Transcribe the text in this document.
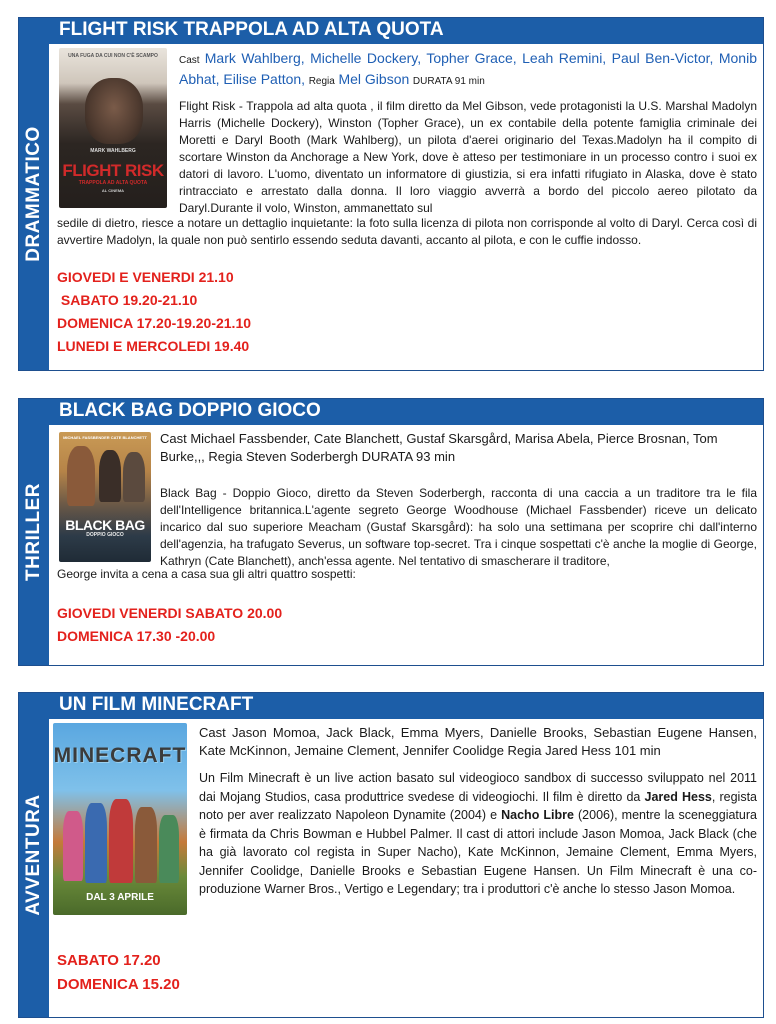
DRAMMATICO
FLIGHT RISK TRAPPOLA AD ALTA QUOTA
UNA FUGA DA CUI NON C'È SCAMPO
MARK WAHLBERG
FLIGHT RISK
TRAPPOLA AD ALTA QUOTA
AL CINEMA
Cast Mark Wahlberg, Michelle Dockery, Topher Grace, Leah Remini, Paul Ben-Victor, Monib Abhat, Eilise Patton, Regia Mel Gibson DURATA 91 min
Flight Risk - Trappola ad alta quota , il film diretto da Mel Gibson, vede protagonisti la U.S. Marshal Madolyn Harris (Michelle Dockery), Winston (Topher Grace), un ex contabile della potente famiglia criminale dei Moretti e Daryl Booth (Mark Wahlberg), un pilota d'aerei originario del Texas.Madolyn ha il compito di scortare Winston da Anchorage a New York, dove è atteso per testimoniare in un processo contro i suoi ex datori di lavoro. L'uomo, diventato un informatore di giustizia, si era infatti rifugiato in Alaska, dove è stato rintracciato e arrestato dalla donna. Il loro viaggio avverrà a bordo del piccolo aereo pilotato da Daryl.Durante il volo, Winston, ammanettato sul
sedile di dietro, riesce a notare un dettaglio inquietante: la foto sulla licenza di pilota non corrisponde al volto di Daryl. Cerca così di avvertire Madolyn, la quale non può sentirlo essendo seduta davanti, accanto al pilota, e con le cuffie indosso.
GIOVEDI E VENERDI 21.10
SABATO 19.20-21.10
DOMENICA 17.20-19.20-21.10
LUNEDI E MERCOLEDI 19.40
THRILLER
BLACK BAG DOPPIO GIOCO
MICHAEL FASSBENDER CATE BLANCHETT
BLACK BAG
DOPPIO GIOCO
Cast Michael Fassbender, Cate Blanchett, Gustaf Skarsgård, Marisa Abela, Pierce Brosnan, Tom Burke,,, Regia Steven Soderbergh DURATA 93 min
Black Bag - Doppio Gioco, diretto da Steven Soderbergh, racconta di una caccia a un traditore tra le fila dell'Intelligence britannica.L'agente segreto George Woodhouse (Michael Fassbender) riceve un delicato incarico dal suo superiore Meacham (Gustaf Skarsgård): ha solo una settimana per scoprire chi dall'interno dell'agenzia, ha trafugato Severus, un software top-secret. Tra i cinque sospettati c'è anche la moglie di George, Kathryn (Cate Blanchett), anch'essa agente. Nel tentativo di smascherare il traditore,
George invita a cena a casa sua gli altri quattro sospetti:
GIOVEDI VENERDI SABATO 20.00
DOMENICA 17.30 -20.00
AVVENTURA
UN FILM MINECRAFT
MINECRAFT
DAL 3 APRILE
Cast Jason Momoa, Jack Black, Emma Myers, Danielle Brooks, Sebastian Eugene Hansen, Kate McKinnon, Jemaine Clement, Jennifer Coolidge Regia Jared Hess 101 min
Un Film Minecraft è un live action basato sul videogioco sandbox di successo sviluppato nel 2011 dai Mojang Studios, casa produttrice svedese di videogiochi. Il film è diretto da Jared Hess, regista noto per aver realizzato Napoleon Dynamite (2004) e Nacho Libre (2006), mentre la sceneggiatura è firmata da Chris Bowman e Hubbel Palmer. Il cast di attori include Jason Momoa, Jack Black (che ha già lavorato col regista in Super Nacho), Kate McKinnon, Jemaine Clement, Emma Myers, Jennifer Coolidge, Danielle Brooks e Sebastian Eugene Hansen. Un Film Minecraft è una co-produzione Warner Bros., Vertigo e Legendary; tra i produttori c'è anche lo stesso Jason Momoa.
SABATO 17.20
DOMENICA 15.20
